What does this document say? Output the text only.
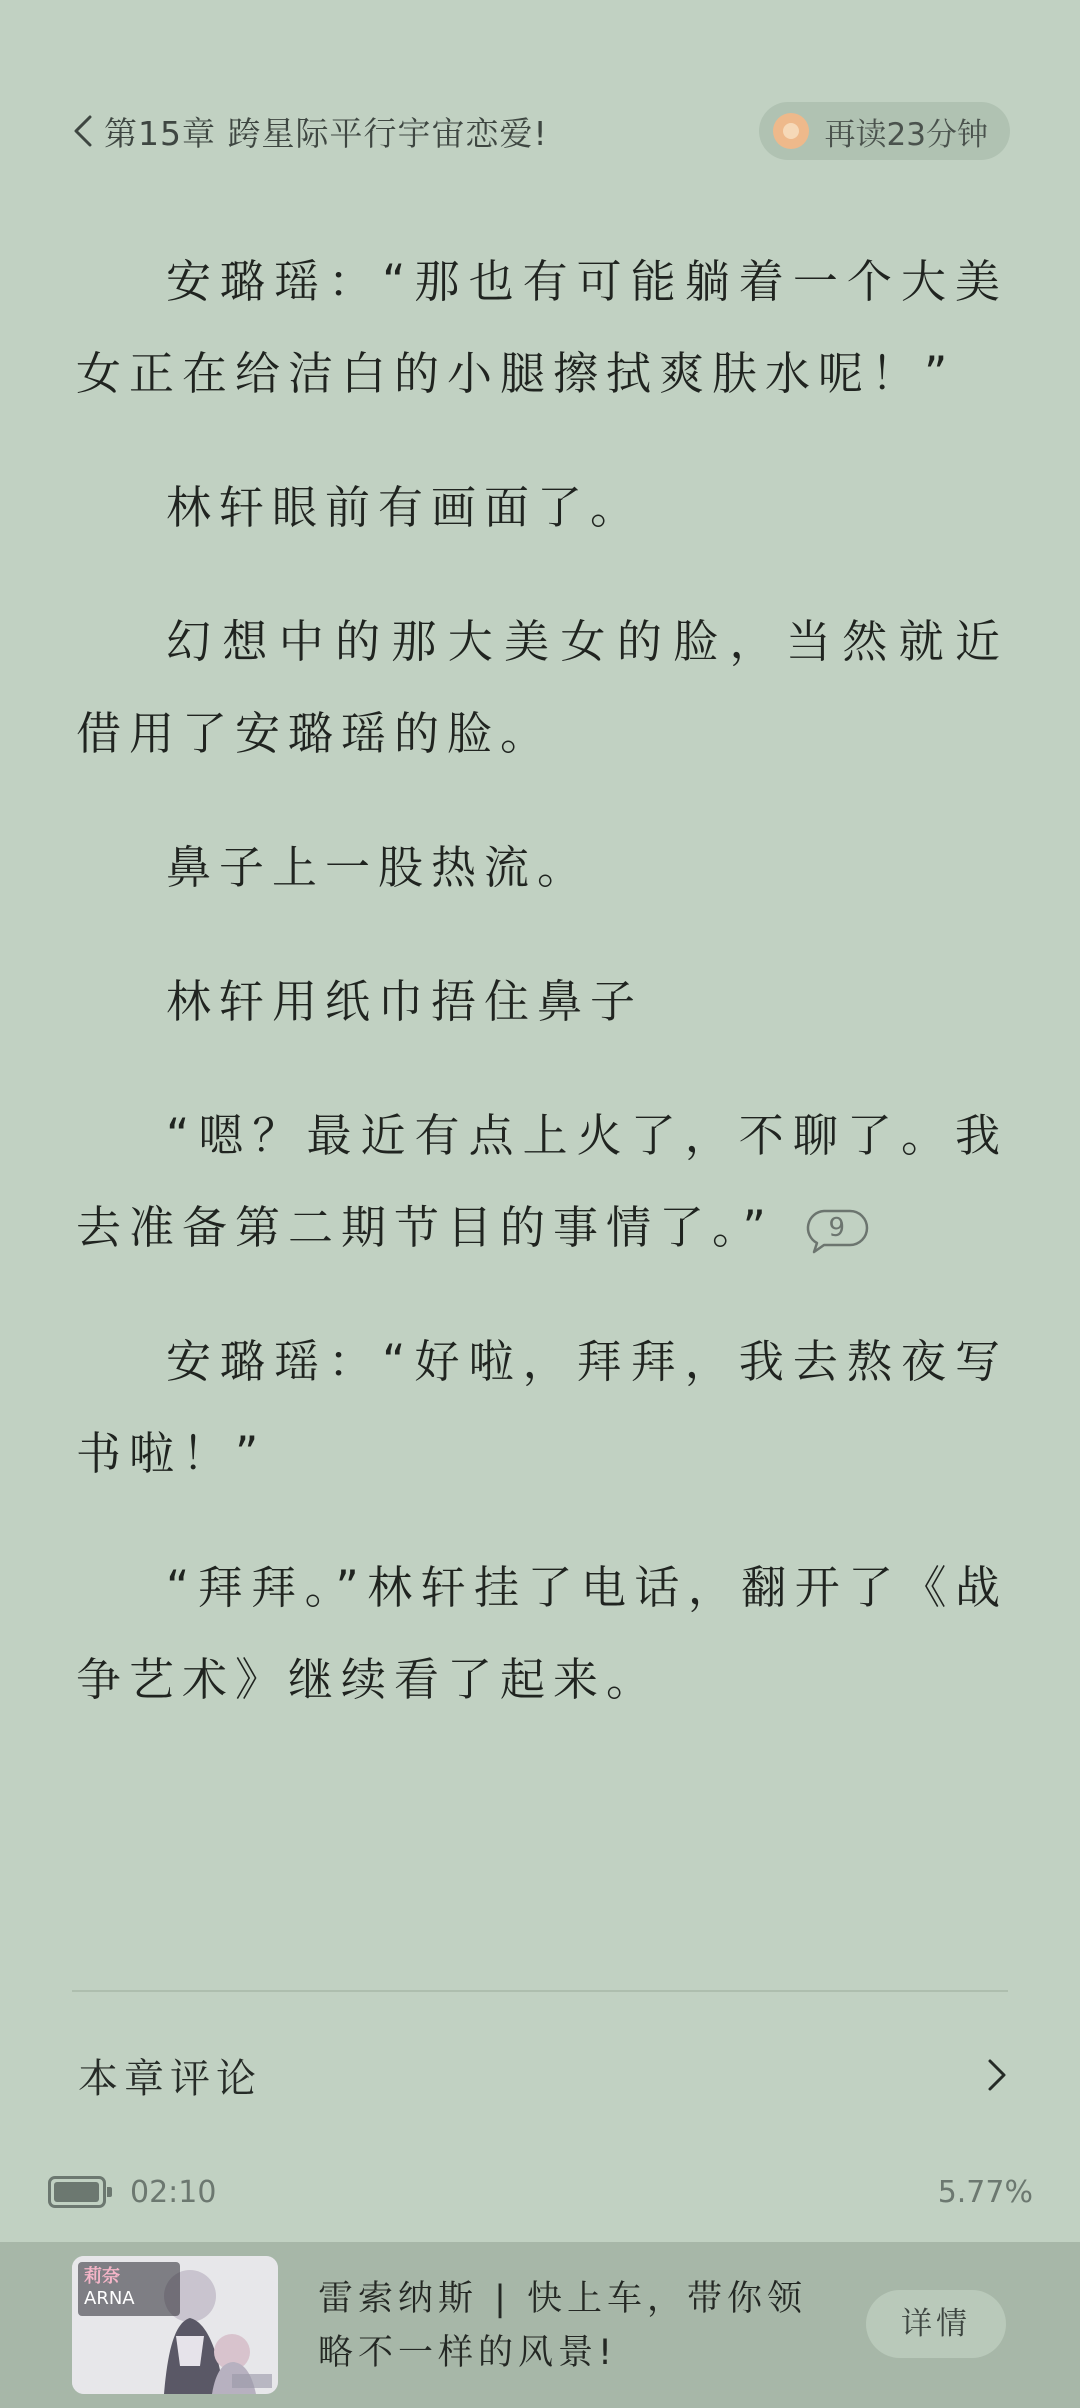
第15章 跨星际平行宇宙恋爱!	再读23分钟

安璐瑶：“那也有可能躺着一个大美女正在给洁白的小腿擦拭爽肤水呢！”

林轩眼前有画面了。

幻想中的那大美女的脸，当然就近借用了安璐瑶的脸。

鼻子上一股热流。

林轩用纸巾捂住鼻子

“嗯？最近有点上火了，不聊了。我去准备第二期节目的事情了。”	9

安璐瑶：“好啦，拜拜，我去熬夜写书啦！”

“拜拜。”林轩挂了电话，翻开了《战争艺术》继续看了起来。

本章评论
02:10	5.77%
莉奈
ARNA	雷索纳斯 | 快上车，带你领略不一样的风景!
详情
